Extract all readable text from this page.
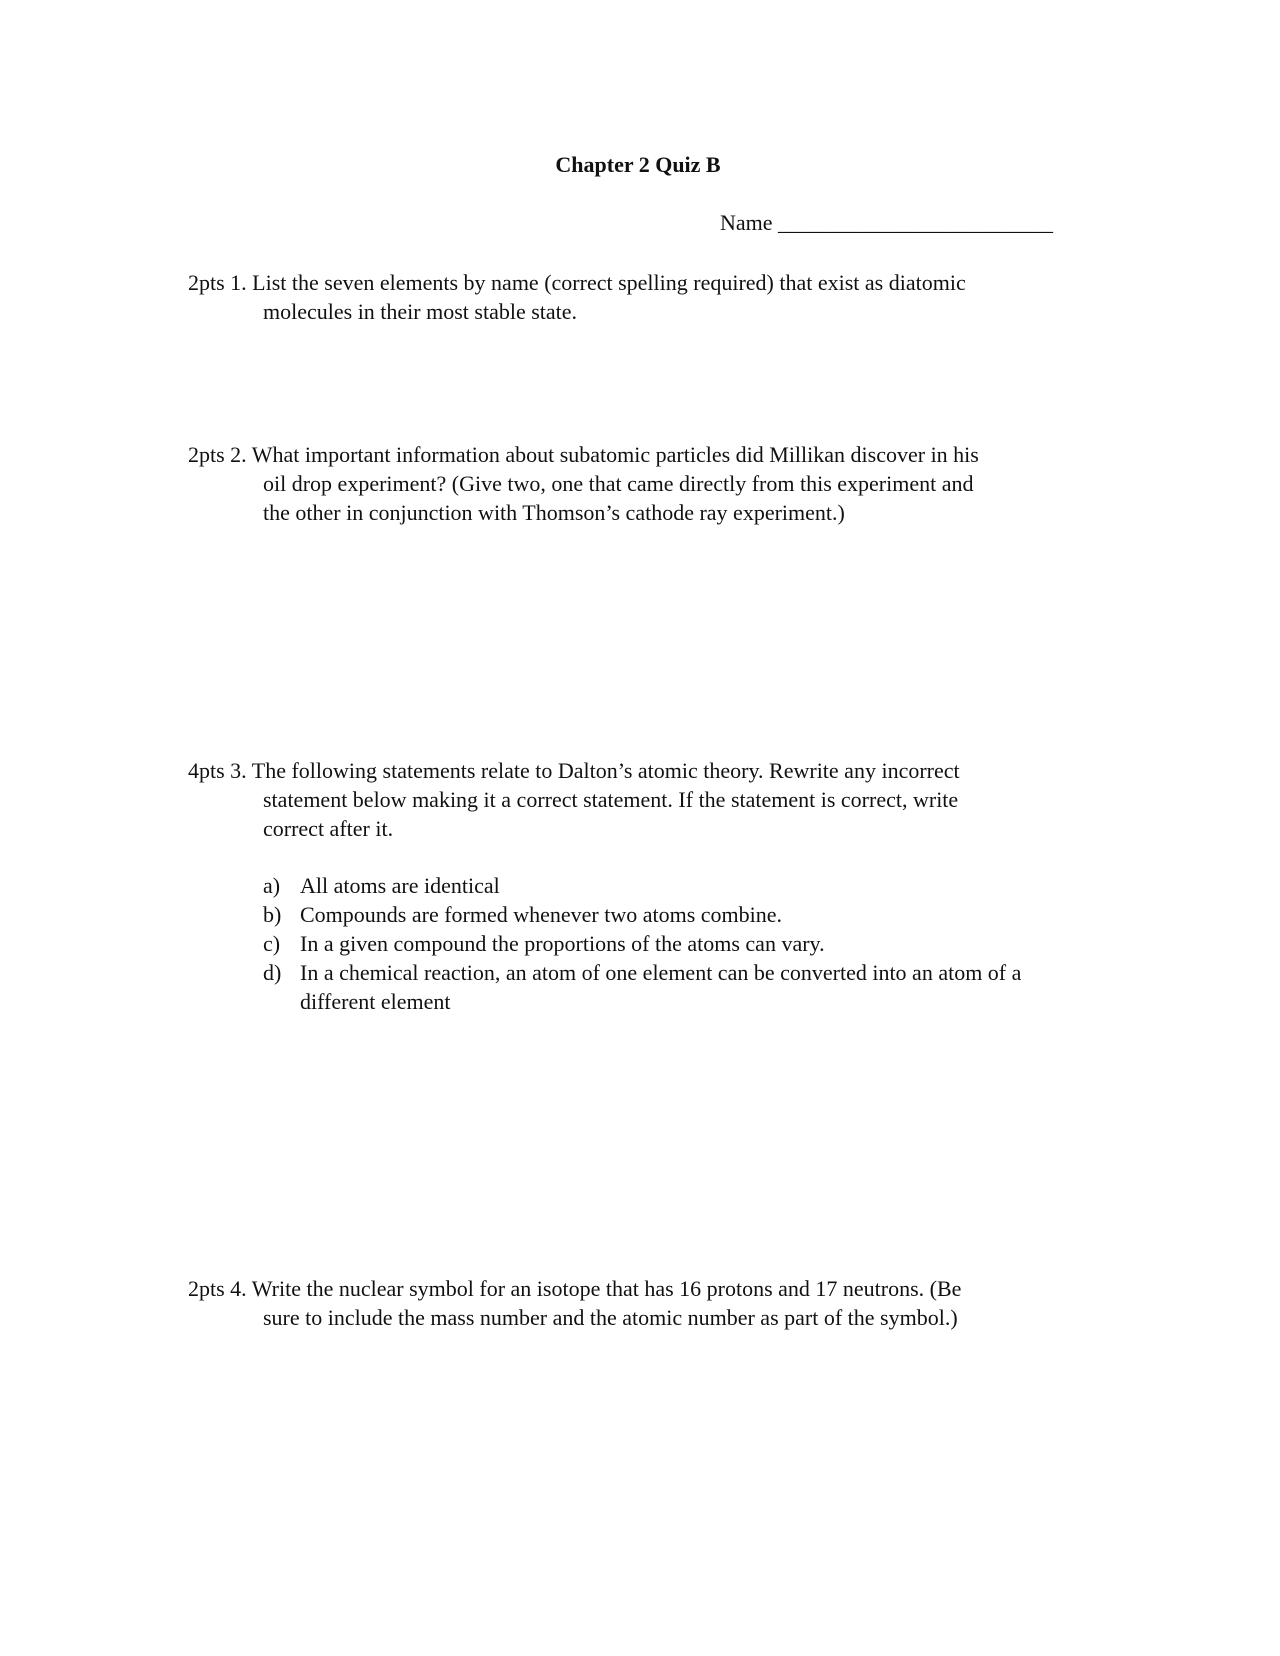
Chapter 2 Quiz B
Name _________________________
2pts 1. List the seven elements by name (correct spelling required) that exist as diatomic
molecules in their most stable state.
2pts 2. What important information about subatomic particles did Millikan discover in his
oil drop experiment? (Give two, one that came directly from this experiment and
the other in conjunction with Thomson’s cathode ray experiment.)
4pts 3. The following statements relate to Dalton’s atomic theory. Rewrite any incorrect
statement below making it a correct statement. If the statement is correct, write
correct after it.
a) All atoms are identical
b) Compounds are formed whenever two atoms combine.
c) In a given compound the proportions of the atoms can vary.
d) In a chemical reaction, an atom of one element can be converted into an atom of a different element
2pts 4. Write the nuclear symbol for an isotope that has 16 protons and 17 neutrons. (Be
sure to include the mass number and the atomic number as part of the symbol.)
